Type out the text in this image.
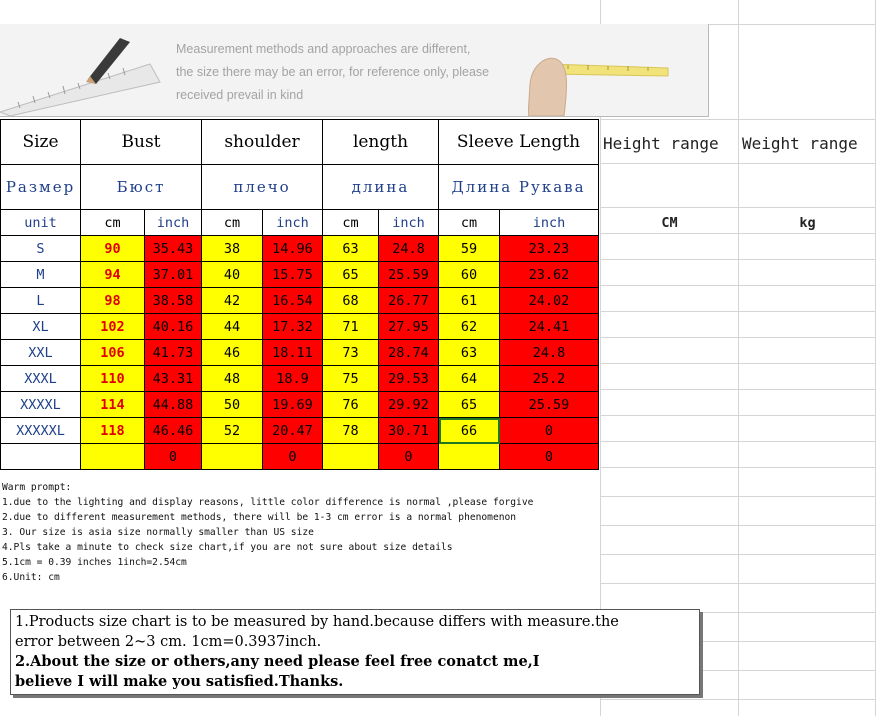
Measurement methods and approaches are different,
the size there may be an error, for reference only, please
received prevail in kind
Size	Bust		shoulder		length		Sleeve Length	
Размер	Бюст		плечо		длина		Длина Рукава	
unit	cm	inch	cm	inch	cm	inch	cm	inch
S	90	35.43	38	14.96	63	24.8	59	23.23
M	94	37.01	40	15.75	65	25.59	60	23.62
L	98	38.58	42	16.54	68	26.77	61	24.02
XL	102	40.16	44	17.32	71	27.95	62	24.41
XXL	106	41.73	46	18.11	73	28.74	63	24.8
XXXL	110	43.31	48	18.9	75	29.53	64	25.2
XXXXL	114	44.88	50	19.69	76	29.92	65	25.59
XXXXXL	118	46.46	52	20.47	78	30.71	66	0
		0		0		0		0
Height range	Weight range
CM	kg
Warm prompt:
1.due to the lighting and display reasons, little color difference is normal ,please forgive
2.due to different measurement methods, there will be 1-3 cm error is a normal phenomenon
3. Our size is asia size normally smaller than US size
4.Pls take a minute to check size chart,if you are not sure about size details
5.1cm = 0.39 inches 1inch=2.54cm
6.Unit: cm
1.Products size chart is to be measured by hand.because differs with measure.the
error between 2~3 cm. 1cm=0.3937inch.
2.About the size or others,any need please feel free conatct me,I
believe I will make you satisfied.Thanks.
